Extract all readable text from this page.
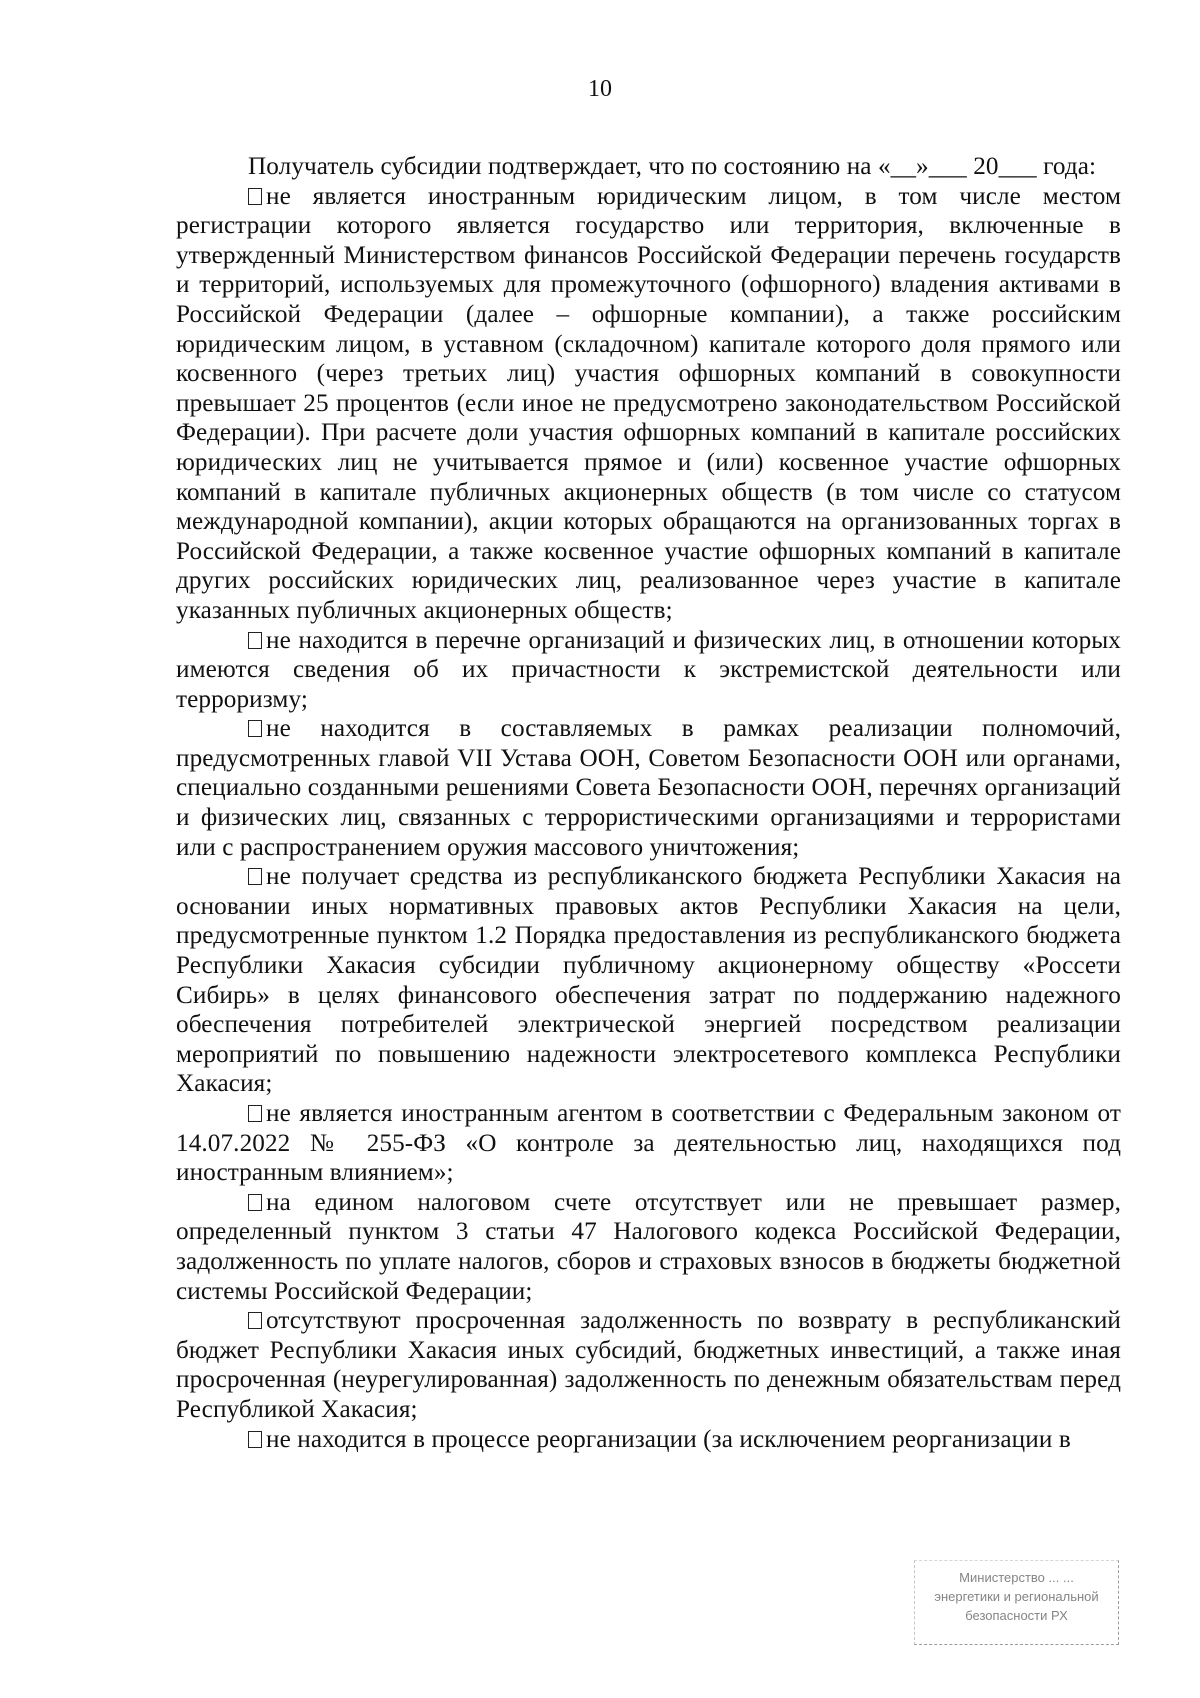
10

Получатель субсидии подтверждает, что по состоянию на «__»___ 20___ года:

не является иностранным юридическим лицом, в том числе местом регистрации которого является государство или территория, включенные в утвержденный Министерством финансов Российской Федерации перечень государств и территорий, используемых для промежуточного (офшорного) владения активами в Российской Федерации (далее – офшорные компании), а также российским юридическим лицом, в уставном (складочном) капитале которого доля прямого или косвенного (через третьих лиц) участия офшорных компаний в совокупности превышает 25 процентов (если иное не предусмотрено законодательством Российской Федерации). При расчете доли участия офшорных компаний в капитале российских юридических лиц не учитывается прямое и (или) косвенное участие офшорных компаний в капитале публичных акционерных обществ (в том числе со статусом международной компании), акции которых обращаются на организованных торгах в Российской Федерации, а также косвенное участие офшорных компаний в капитале других российских юридических лиц, реализованное через участие в капитале указанных публичных акционерных обществ;

не находится в перечне организаций и физических лиц, в отношении которых имеются сведения об их причастности к экстремистской деятельности или терроризму;

не находится в составляемых в рамках реализации полномочий, предусмотренных главой VII Устава ООН, Советом Безопасности ООН или органами, специально созданными решениями Совета Безопасности ООН, перечнях организаций и физических лиц, связанных с террористическими организациями и террористами или с распространением оружия массового уничтожения;

не получает средства из республиканского бюджета Республики Хакасия на основании иных нормативных правовых актов Республики Хакасия на цели, предусмотренные пунктом 1.2 Порядка предоставления из республиканского бюджета Республики Хакасия субсидии публичному акционерному обществу «Россети Сибирь» в целях финансового обеспечения затрат по поддержанию надежного обеспечения потребителей электрической энергией посредством реализации мероприятий по повышению надежности электросетевого комплекса Республики Хакасия;

не является иностранным агентом в соответствии с Федеральным законом от 14.07.2022 № 255-ФЗ «О контроле за деятельностью лиц, находящихся под иностранным влиянием»;

на едином налоговом счете отсутствует или не превышает размер, определенный пунктом 3 статьи 47 Налогового кодекса Российской Федерации, задолженность по уплате налогов, сборов и страховых взносов в бюджеты бюджетной системы Российской Федерации;

отсутствуют просроченная задолженность по возврату в республиканский бюджет Республики Хакасия иных субсидий, бюджетных инвестиций, а также иная просроченная (неурегулированная) задолженность по денежным обязательствам перед Республикой Хакасия;

не находится в процессе реорганизации (за исключением реорганизации в

Министерство ... ...
энергетики и региональной
безопасности РХ
